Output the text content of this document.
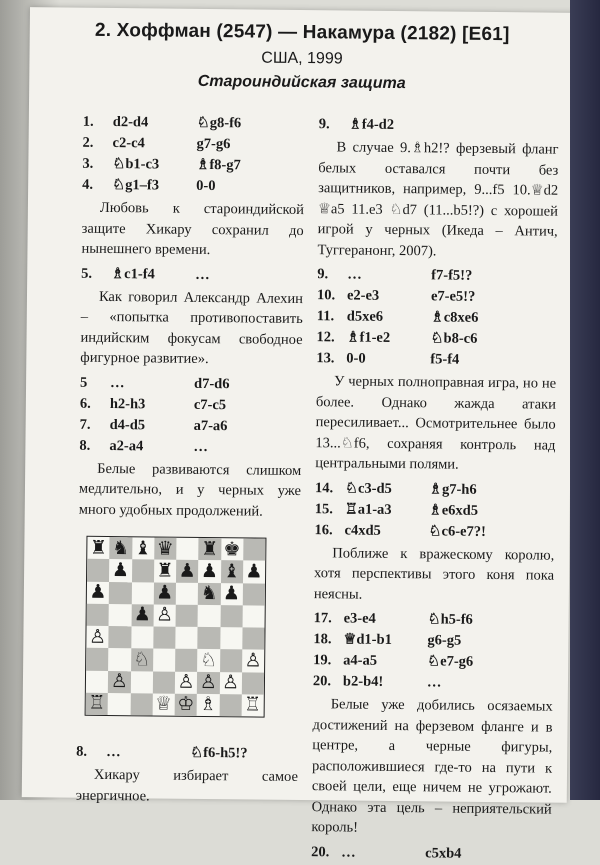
2. Хоффман (2547) — Накамура (2182) [E61]
США, 1999
Староиндийская защита
1.	d2-d4	♘g8-f6
2.	c2-c4	g7-g6
3.	♘b1-c3	♗f8-g7
4.	♘g1–f3	0-0

Любовь к староиндийской защите Хикару сохранил до нынешнего времени.

5.	♗c1-f4	…

Как говорил Александр Алехин – «попытка противопоставить индийским фокусам свободное фигурное развитие».

5	…	d7-d6
6.	h2-h3	c7-c5
7.	d4-d5	a7-a6
8.	a2-a4	…

Белые развиваются слишком медлительно, и у черных уже много удобных продолжений.

♜ ♞ ♝ ♛ ♜ ♚
♟ ♜ ♟ ♟ ♝ ♟
♟	♟ ♞ ♟
♟ ♙
♙
♘	♘ ♙
♙	♙ ♙ ♙
♖	♕ ♔ ♗ ♖
8.	…	♘f6-h5!?

Хикару избирает самое энергичное.

9.	♗f4-d2

В случае 9.♗h2!? ферзевый фланг белых оставался почти без защитников, например, 9...f5 10.♕d2 ♕a5 11.e3 ♘d7 (11...b5!?) с хорошей игрой у черных (Икеда – Антич, Туггеранонг, 2007).

9.	…	f7-f5!?
10. e2-e3	e7-e5!?
11. d5xe6	♗c8xe6
12. ♗f1-e2	♘b8-c6
13. 0-0	f5-f4

У черных полноправная игра, но не более. Однако жажда атаки пересиливает... Осмотрительнее было 13...♘f6, сохраняя контроль над центральными полями.

14. ♘c3-d5	♗g7-h6
15. ♖a1-a3	♗e6xd5
16. c4xd5	♘c6-e7?!

Поближе к вражескому королю, хотя перспективы этого коня пока неясны.

17. e3-e4	♘h5-f6
18. ♕d1-b1	g6-g5
19. a4-a5	♘e7-g6
20. b2-b4!	…

Белые уже добились осязаемых достижений на ферзевом фланге и в центре, а черные фигуры, расположившиеся где-то на пути к своей цели, еще ничем не угрожают. Однако эта цель – неприятельский король!

20. …	c5xb4
